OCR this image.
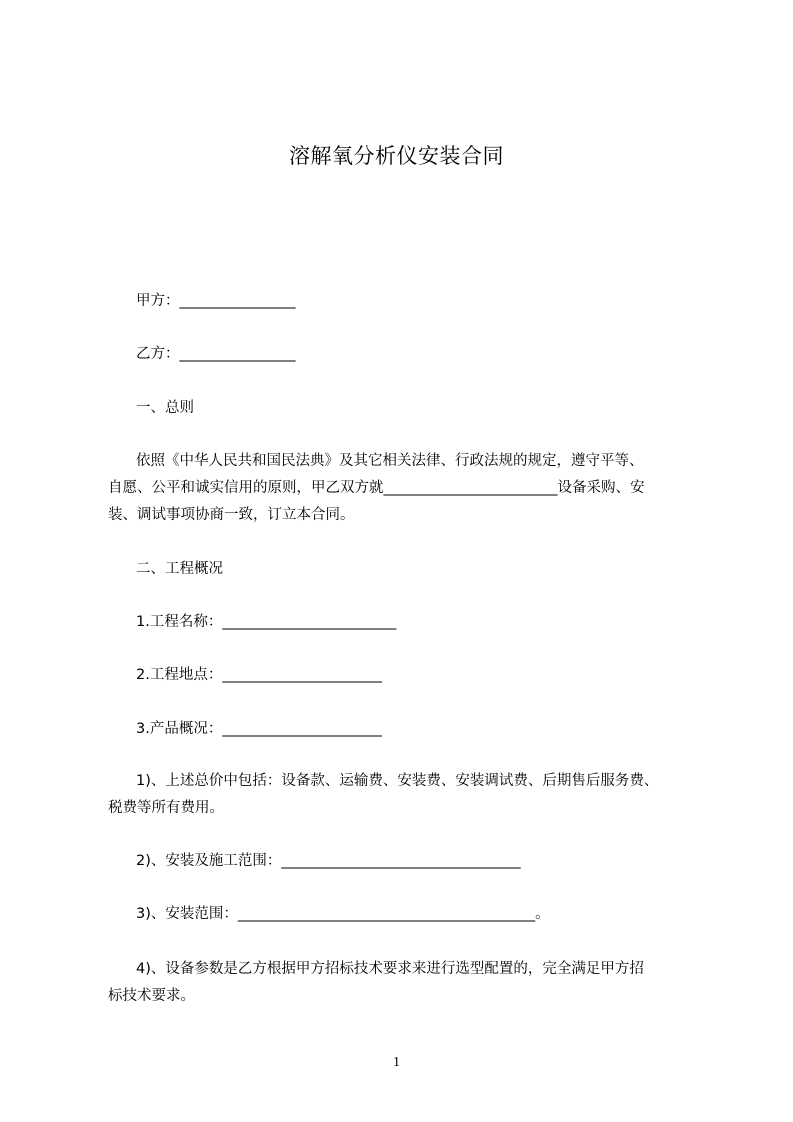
溶解氧分析仪安装合同
甲方：________________
乙方：________________
一、总则
依照《中华人民共和国民法典》及其它相关法律、行政法规的规定，遵守平等、
自愿、公平和诚实信用的原则，甲乙双方就________________________设备采购、安
装、调试事项协商一致，订立本合同。
二、工程概况
1.工程名称：________________________
2.工程地点：______________________
3.产品概况：______________________
1)、上述总价中包括：设备款、运输费、安装费、安装调试费、后期售后服务费、
税费等所有费用。
2)、安装及施工范围：_________________________________
3)、安装范围：_________________________________________。
4)、设备参数是乙方根据甲方招标技术要求来进行选型配置的，完全满足甲方招
标技术要求。
1
